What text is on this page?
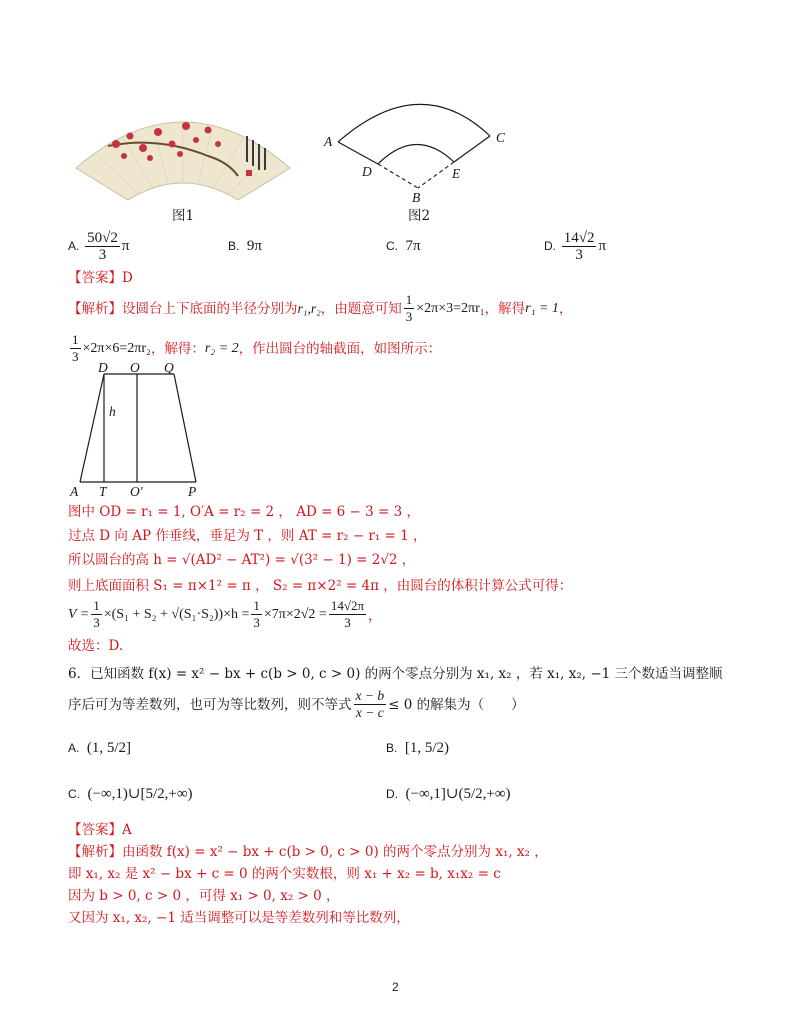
图1
A	C
D	E
B
图2
A. $\frac{50√2}{3}$ π	B. 9π	C. 7π	D. $\frac{14√2}{3}$ π
【答案】D
【解析】 设圆台上下底面的半径分别为 r₁,r₂ ，由题意可知 $\frac{1}{3} \times 2\pi\times 3=2\pi r_1$ ，解得 r₁ = 1 ，
$\frac{1}{3} \times 2\pi\times 6=2\pi r_2$ ，解得： r₂ = 2 ，作出圆台的轴截面，如图所示：
D O Q
h
A T O′	P
图中 OD = r₁ = 1, O′A = r₂ = 2 ， AD = 6 − 3 = 3 ，
过点 D 向 AP 作垂线，垂足为 T ，则 AT = r₂ − r₁ = 1 ，
所以圆台的高 h = √(AD² − AT²) = √(3² − 1) = 2√2 ，
则上底面面积 S₁ = π×1² = π ， S₂ = π×2² = 4π ，由圆台的体积计算公式可得：
$V = \frac{1}{3} \times(S_1 + S_2 + √(S_1\cdot S_2))\times h = \frac{1}{3} \times 7\pi\times 2√2 = \frac{14√2\pi}{3}$ ，
故选：D.
6．已知函数 f(x) = x² − bx + c(b > 0, c > 0) 的两个零点分别为 x₁, x₂ ，若 x₁, x₂, −1 三个数适当调整顺
序后可为等差数列，也可为等比数列，则不等式 $\frac{x - b}{x - c} \le 0$ 的解集为（　　）
A. (1, 5/2]	B. [1, 5/2)
C. (−∞,1)∪[5/2,+∞)	D. (−∞,1]∪(5/2,+∞)
【答案】A
【解析】由函数 f(x) = x² − bx + c(b > 0, c > 0) 的两个零点分别为 x₁, x₂ ，
即 x₁, x₂ 是 x² − bx + c = 0 的两个实数根，则 x₁ + x₂ = b, x₁x₂ = c
因为 b > 0, c > 0 ，可得 x₁ > 0, x₂ > 0 ，
又因为 x₁, x₂, −1 适当调整可以是等差数列和等比数列，
2
